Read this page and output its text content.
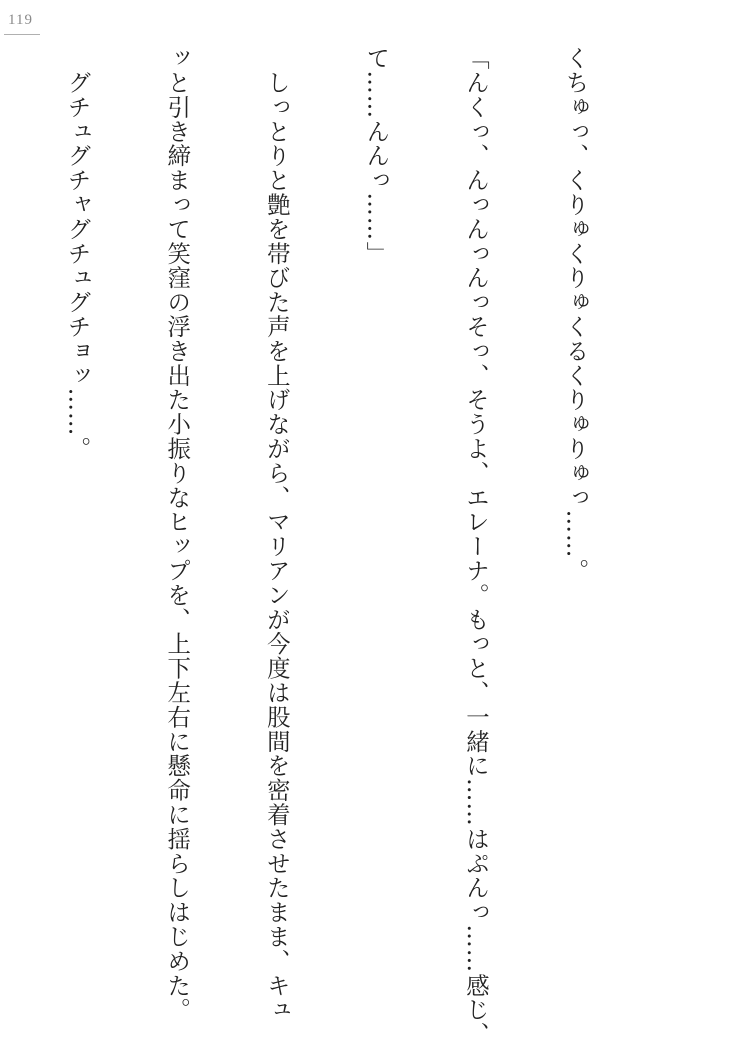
119

くちゅっ、くりゅくりゅくるくりゅりゅっ……。

「んくっ、んっんっんっそっ、そうよ、エレーナ。もっと、一緒に……はぷんっ……感じ、

て……んんっ……」

　しっとりと艶を帯びた声を上げながら、マリアンが今度は股間を密着させたまま、キュ

ッと引き締まって笑窪の浮き出た小振りなヒップを、上下左右に懸命に揺らしはじめた。

　グチュグチャグチュグチョッ……。
